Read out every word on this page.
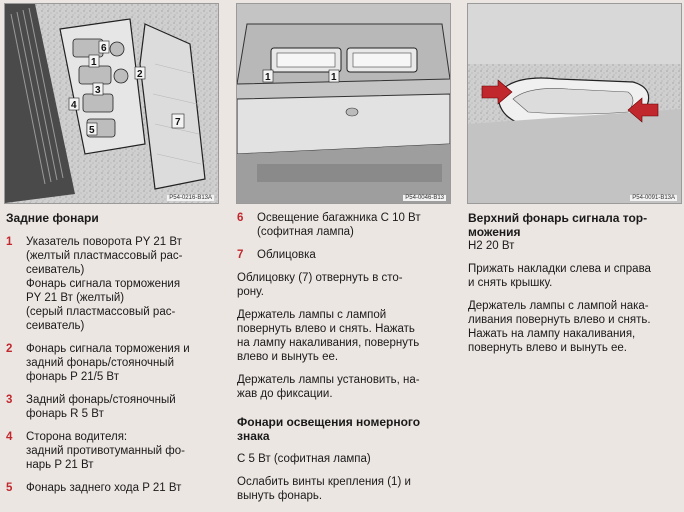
6
1
2
3
4
5
7
P54-0216-B13A
1	1
P54-0046-B13	P54-0091-B13A
Задние фонари
1	Указатель поворота PY 21 Вт
(желтый пластмассовый рас-
сеиватель)
Фонарь сигнала торможения
PY 21 Вт (желтый)
(серый пластмассовый рас-
сеиватель)
2	Фонарь сигнала торможения и
задний фонарь/стояночный
фонарь P 21/5 Вт
3	Задний фонарь/стояночный
фонарь R 5 Вт
4	Сторона водителя:
задний противотуманный фо-
нарь P 21 Вт
5	Фонарь заднего хода P 21 Вт
6	Освещение багажника C 10 Вт
(софитная лампа)
7	Облицовка

Облицовку (7) отвернуть в сто-
рону.

Держатель лампы с лампой
повернуть влево и снять. Нажать
на лампу накаливания, повернуть
влево и вынуть ее.

Держатель лампы установить, на-
жав до фиксации.

Фонари освещения номерного
знака

C 5 Вт (софитная лампа)

Ослабить винты крепления (1) и
вынуть фонарь.

Верхний фонарь сигнала тор-
можения

H2 20 Вт

Прижать накладки слева и справа
и снять крышку.

Держатель лампы с лампой нака-
ливания повернуть влево и снять.
Нажать на лампу накаливания,
повернуть влево и вынуть ее.
